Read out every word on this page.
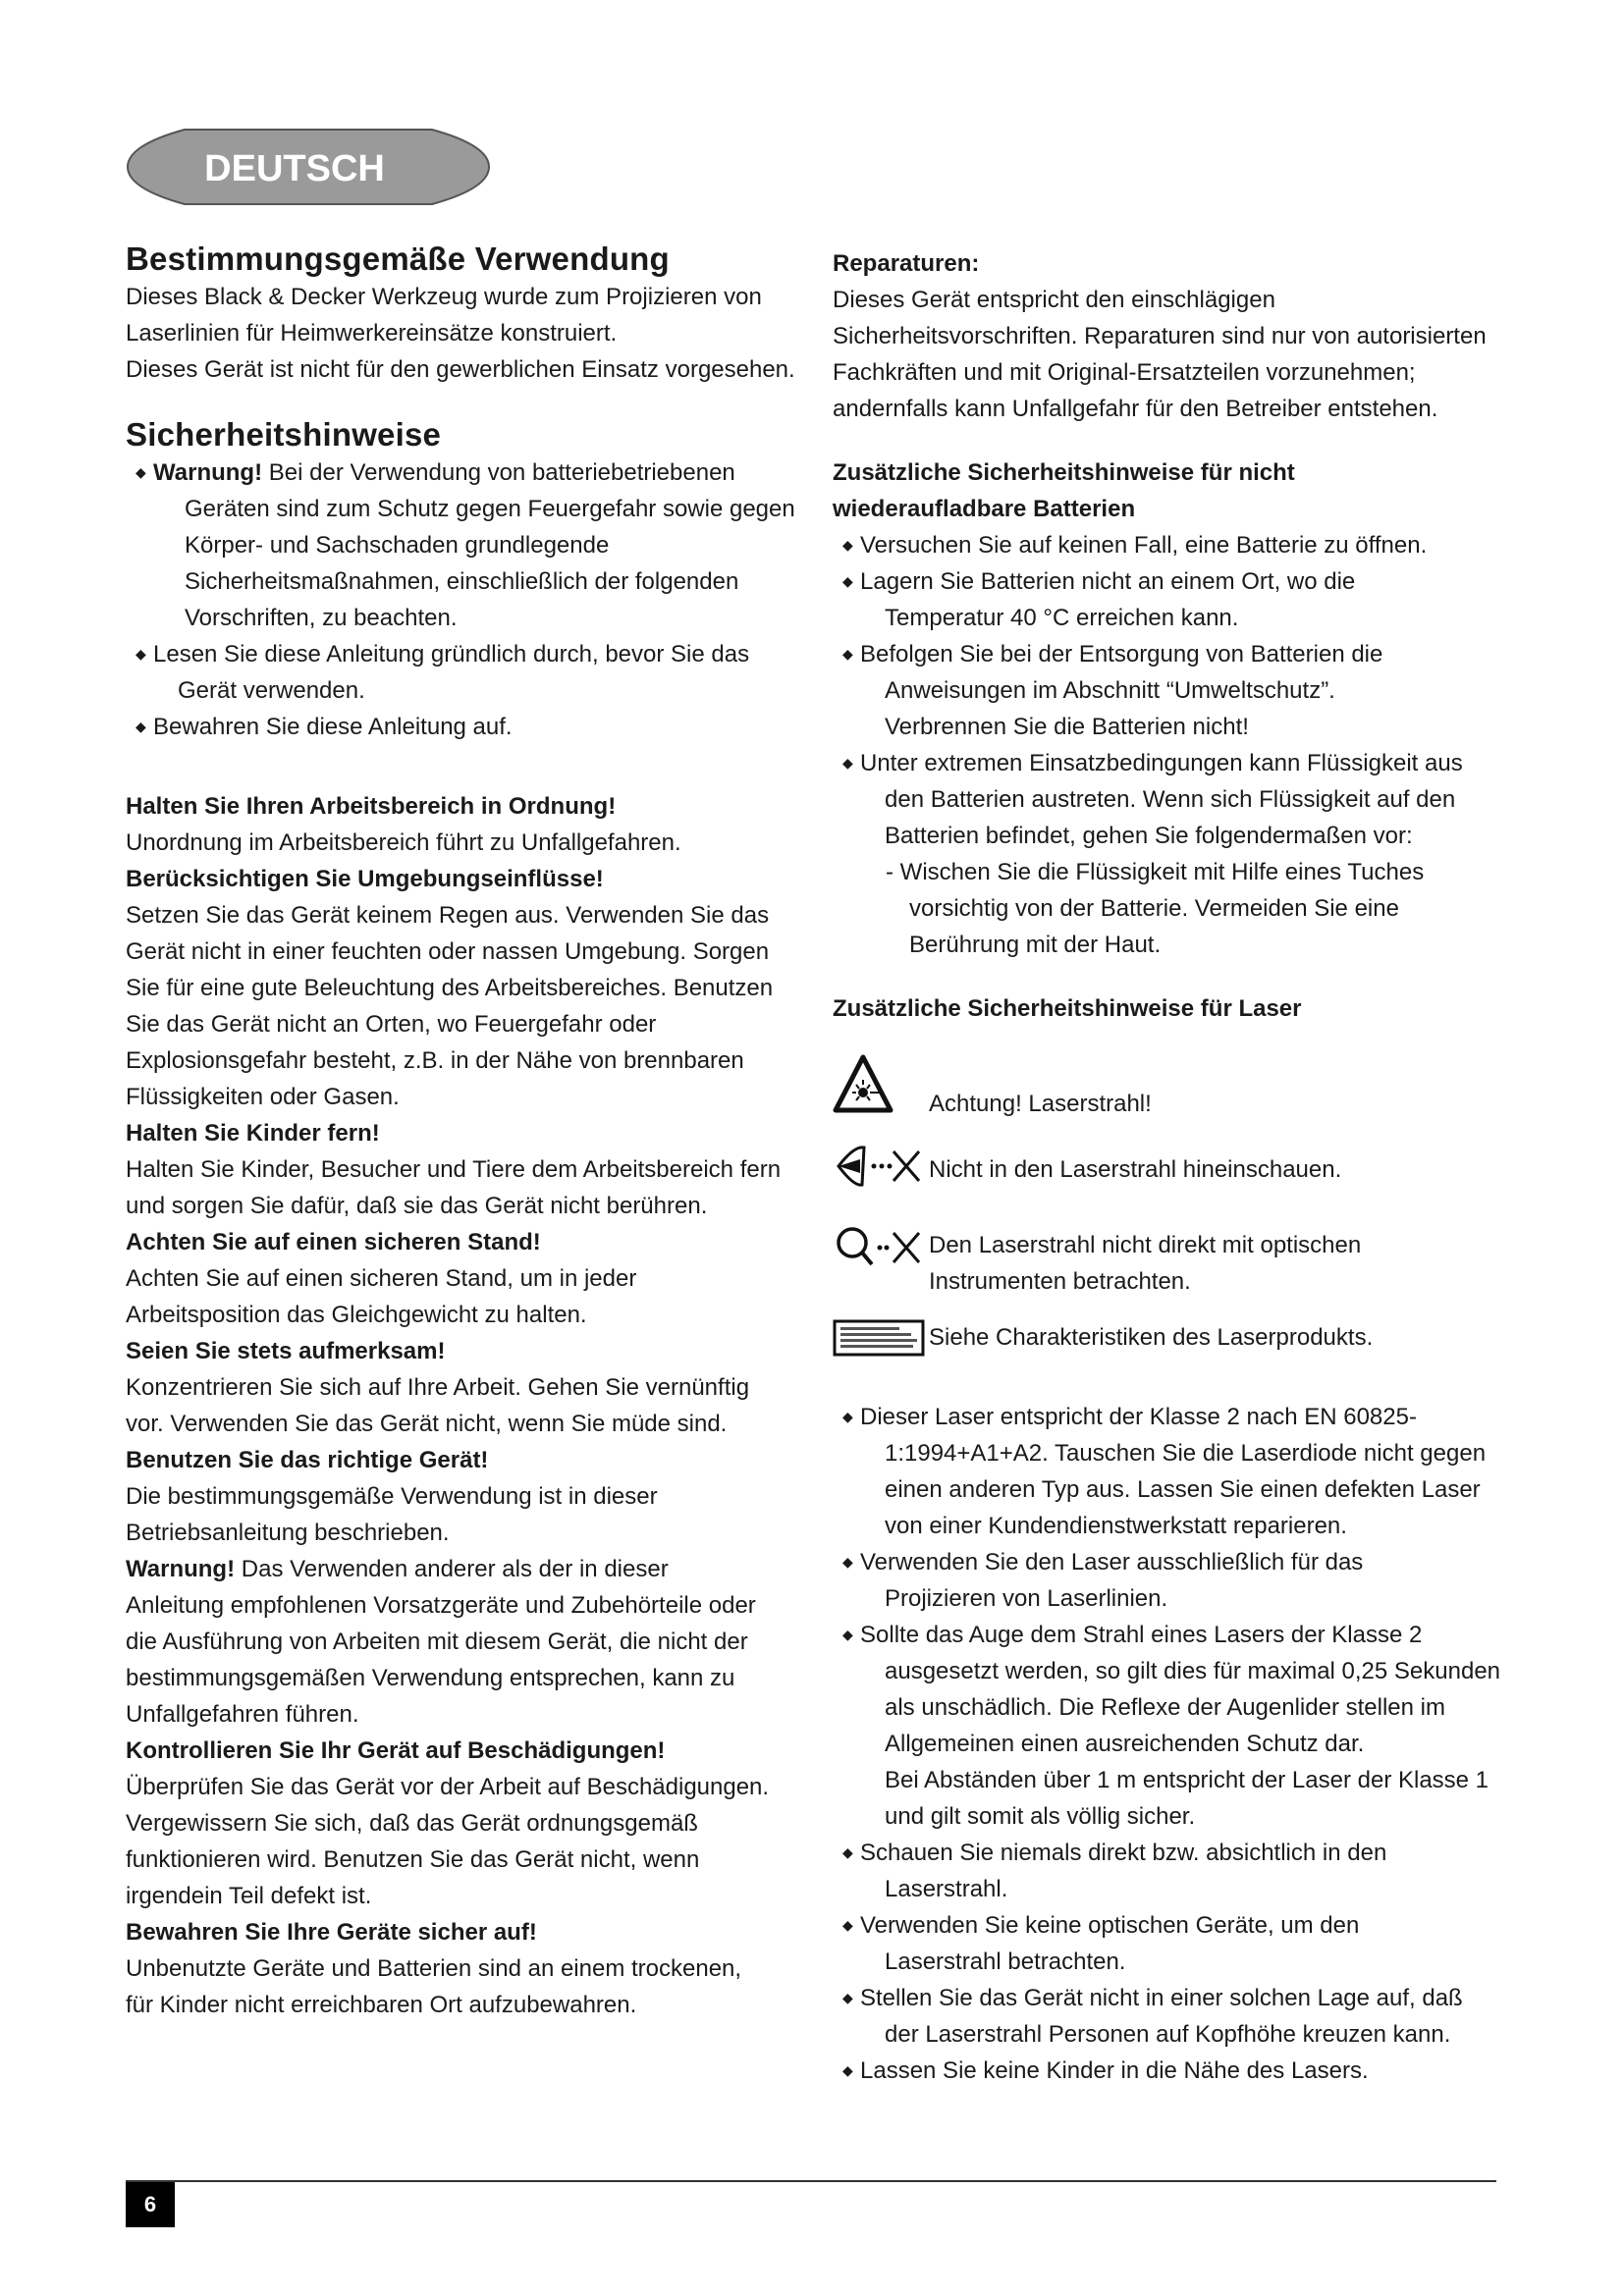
DEUTSCH
Bestimmungsgemäße Verwendung

Dieses Black & Decker Werkzeug wurde zum Projizieren von

Laserlinien für Heimwerkereinsätze konstruiert.

Dieses Gerät ist nicht für den gewerblichen Einsatz vorgesehen.

Sicherheitshinweise
◆ Warnung! Bei der Verwendung von batteriebetriebenen

Geräten sind zum Schutz gegen Feuergefahr sowie gegen

Körper- und Sachschaden grundlegende

Sicherheitsmaßnahmen, einschließlich der folgenden

Vorschriften, zu beachten.

◆ Lesen Sie diese Anleitung gründlich durch, bevor Sie das

Gerät verwenden.

◆ Bewahren Sie diese Anleitung auf.

Halten Sie Ihren Arbeitsbereich in Ordnung!

Unordnung im Arbeitsbereich führt zu Unfallgefahren.

Berücksichtigen Sie Umgebungseinflüsse!

Setzen Sie das Gerät keinem Regen aus. Verwenden Sie das

Gerät nicht in einer feuchten oder nassen Umgebung. Sorgen

Sie für eine gute Beleuchtung des Arbeitsbereiches. Benutzen

Sie das Gerät nicht an Orten, wo Feuergefahr oder

Explosionsgefahr besteht, z.B. in der Nähe von brennbaren

Flüssigkeiten oder Gasen.

Halten Sie Kinder fern!

Halten Sie Kinder, Besucher und Tiere dem Arbeitsbereich fern

und sorgen Sie dafür, daß sie das Gerät nicht berühren.

Achten Sie auf einen sicheren Stand!

Achten Sie auf einen sicheren Stand, um in jeder

Arbeitsposition das Gleichgewicht zu halten.

Seien Sie stets aufmerksam!

Konzentrieren Sie sich auf Ihre Arbeit. Gehen Sie vernünftig

vor. Verwenden Sie das Gerät nicht, wenn Sie müde sind.

Benutzen Sie das richtige Gerät!

Die bestimmungsgemäße Verwendung ist in dieser

Betriebsanleitung beschrieben.

Warnung! Das Verwenden anderer als der in dieser

Anleitung empfohlenen Vorsatzgeräte und Zubehörteile oder

die Ausführung von Arbeiten mit diesem Gerät, die nicht der

bestimmungsgemäßen Verwendung entsprechen, kann zu

Unfallgefahren führen.

Kontrollieren Sie Ihr Gerät auf Beschädigungen!

Überprüfen Sie das Gerät vor der Arbeit auf Beschädigungen.

Vergewissern Sie sich, daß das Gerät ordnungsgemäß

funktionieren wird. Benutzen Sie das Gerät nicht, wenn

irgendein Teil defekt ist.

Bewahren Sie Ihre Geräte sicher auf!

Unbenutzte Geräte und Batterien sind an einem trockenen,

für Kinder nicht erreichbaren Ort aufzubewahren.

Reparaturen:

Dieses Gerät entspricht den einschlägigen

Sicherheitsvorschriften. Reparaturen sind nur von autorisierten

Fachkräften und mit Original-Ersatzteilen vorzunehmen;

andernfalls kann Unfallgefahr für den Betreiber entstehen.

Zusätzliche Sicherheitshinweise für nicht
wiederaufladbare Batterien
◆ Versuchen Sie auf keinen Fall, eine Batterie zu öffnen.

◆ Lagern Sie Batterien nicht an einem Ort, wo die

Temperatur 40 °C erreichen kann.

◆ Befolgen Sie bei der Entsorgung von Batterien die

Anweisungen im Abschnitt “Umweltschutz”.

Verbrennen Sie die Batterien nicht!

◆ Unter extremen Einsatzbedingungen kann Flüssigkeit aus

den Batterien austreten. Wenn sich Flüssigkeit auf den

Batterien befindet, gehen Sie folgendermaßen vor:

- Wischen Sie die Flüssigkeit mit Hilfe eines Tuches

vorsichtig von der Batterie. Vermeiden Sie eine

Berührung mit der Haut.

Zusätzliche Sicherheitshinweise für Laser

Achtung! Laserstrahl!

Nicht in den Laserstrahl hineinschauen.

Den Laserstrahl nicht direkt mit optischen

Instrumenten betrachten.

Siehe Charakteristiken des Laserprodukts.

◆ Dieser Laser entspricht der Klasse 2 nach EN 60825-

1:1994+A1+A2. Tauschen Sie die Laserdiode nicht gegen

einen anderen Typ aus. Lassen Sie einen defekten Laser

von einer Kundendienstwerkstatt reparieren.

◆ Verwenden Sie den Laser ausschließlich für das

Projizieren von Laserlinien.

◆ Sollte das Auge dem Strahl eines Lasers der Klasse 2

ausgesetzt werden, so gilt dies für maximal 0,25 Sekunden

als unschädlich. Die Reflexe der Augenlider stellen im

Allgemeinen einen ausreichenden Schutz dar.

Bei Abständen über 1 m entspricht der Laser der Klasse 1

und gilt somit als völlig sicher.

◆ Schauen Sie niemals direkt bzw. absichtlich in den

Laserstrahl.

◆ Verwenden Sie keine optischen Geräte, um den

Laserstrahl betrachten.

◆ Stellen Sie das Gerät nicht in einer solchen Lage auf, daß

der Laserstrahl Personen auf Kopfhöhe kreuzen kann.

◆ Lassen Sie keine Kinder in die Nähe des Lasers.

6
